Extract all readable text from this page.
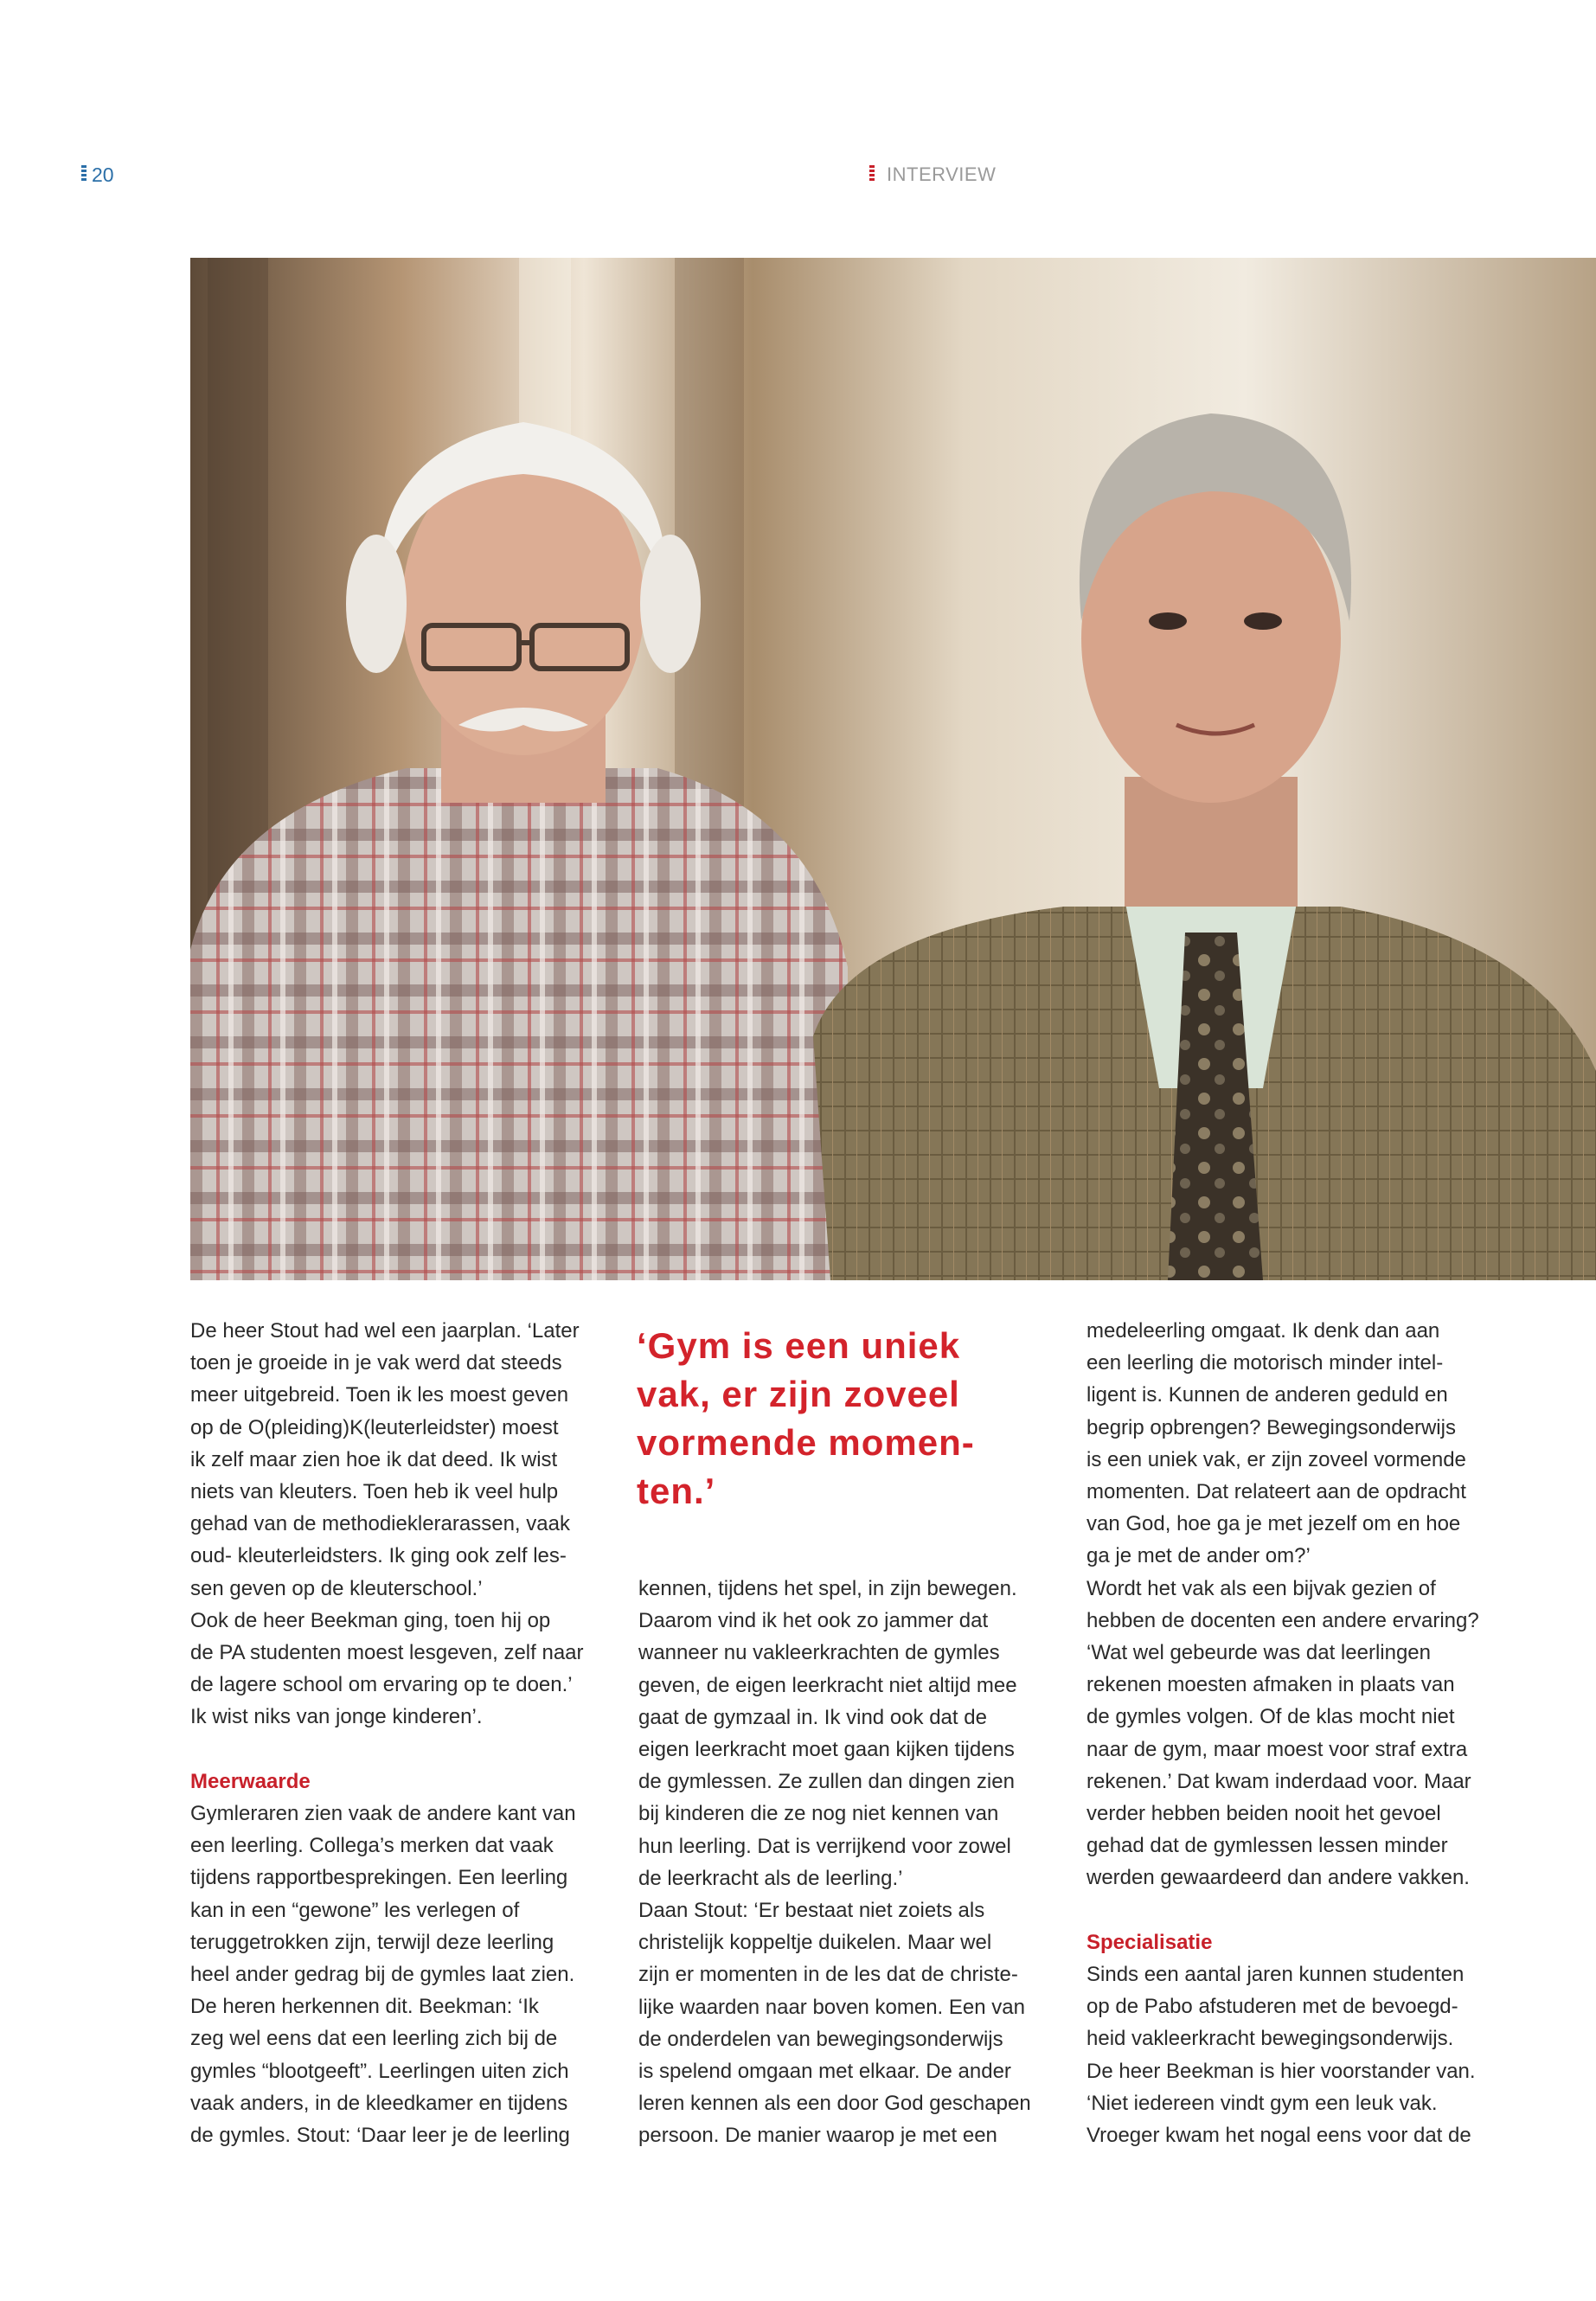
20	INTERVIEW
‘Gym is een uniek
vak, er zijn zoveel
vormende momen-
ten.’

De heer Stout had wel een jaarplan. ‘Later
toen je groeide in je vak werd dat steeds
meer uitgebreid. Toen ik les moest geven
op de O(pleiding)K(leuterleidster) moest
ik zelf maar zien hoe ik dat deed. Ik wist
niets van kleuters. Toen heb ik veel hulp
gehad van de methodieklerarassen, vaak
oud- kleuterleidsters. Ik ging ook zelf les-
sen geven op de kleuterschool.’

Ook de heer Beekman ging, toen hij op
de PA studenten moest lesgeven, zelf naar
de lagere school om ervaring op te doen.’
Ik wist niks van jonge kinderen’.

Meerwaarde

Gymleraren zien vaak de andere kant van
een leerling. Collega’s merken dat vaak
tijdens rapportbesprekingen. Een leerling
kan in een “gewone” les verlegen of
teruggetrokken zijn, terwijl deze leerling
heel ander gedrag bij de gymles laat zien.
De heren herkennen dit. Beekman: ‘Ik
zeg wel eens dat een leerling zich bij de
gymles “blootgeeft”. Leerlingen uiten zich
vaak anders, in de kleedkamer en tijdens
de gymles. Stout: ‘Daar leer je de leerling

kennen, tijdens het spel, in zijn bewegen.
Daarom vind ik het ook zo jammer dat
wanneer nu vakleerkrachten de gymles
geven, de eigen leerkracht niet altijd mee
gaat de gymzaal in. Ik vind ook dat de
eigen leerkracht moet gaan kijken tijdens
de gymlessen. Ze zullen dan dingen zien
bij kinderen die ze nog niet kennen van
hun leerling. Dat is verrijkend voor zowel
de leerkracht als de leerling.’

Daan Stout: ‘Er bestaat niet zoiets als
christelijk koppeltje duikelen. Maar wel
zijn er momenten in de les dat de christe-
lijke waarden naar boven komen. Een van
de onderdelen van bewegingsonderwijs
is spelend omgaan met elkaar. De ander
leren kennen als een door God geschapen
persoon. De manier waarop je met een

medeleerling omgaat. Ik denk dan aan
een leerling die motorisch minder intel-
ligent is. Kunnen de anderen geduld en
begrip opbrengen? Bewegingsonderwijs
is een uniek vak, er zijn zoveel vormende
momenten. Dat relateert aan de opdracht
van God, hoe ga je met jezelf om en hoe
ga je met de ander om?’

Wordt het vak als een bijvak gezien of
hebben de docenten een andere ervaring?
‘Wat wel gebeurde was dat leerlingen
rekenen moesten afmaken in plaats van
de gymles volgen. Of de klas mocht niet
naar de gym, maar moest voor straf extra
rekenen.’ Dat kwam inderdaad voor. Maar
verder hebben beiden nooit het gevoel
gehad dat de gymlessen lessen minder
werden gewaardeerd dan andere vakken.

Specialisatie

Sinds een aantal jaren kunnen studenten
op de Pabo afstuderen met de bevoegd-
heid vakleerkracht bewegingsonderwijs.
De heer Beekman is hier voorstander van.
‘Niet iedereen vindt gym een leuk vak.
Vroeger kwam het nogal eens voor dat de
